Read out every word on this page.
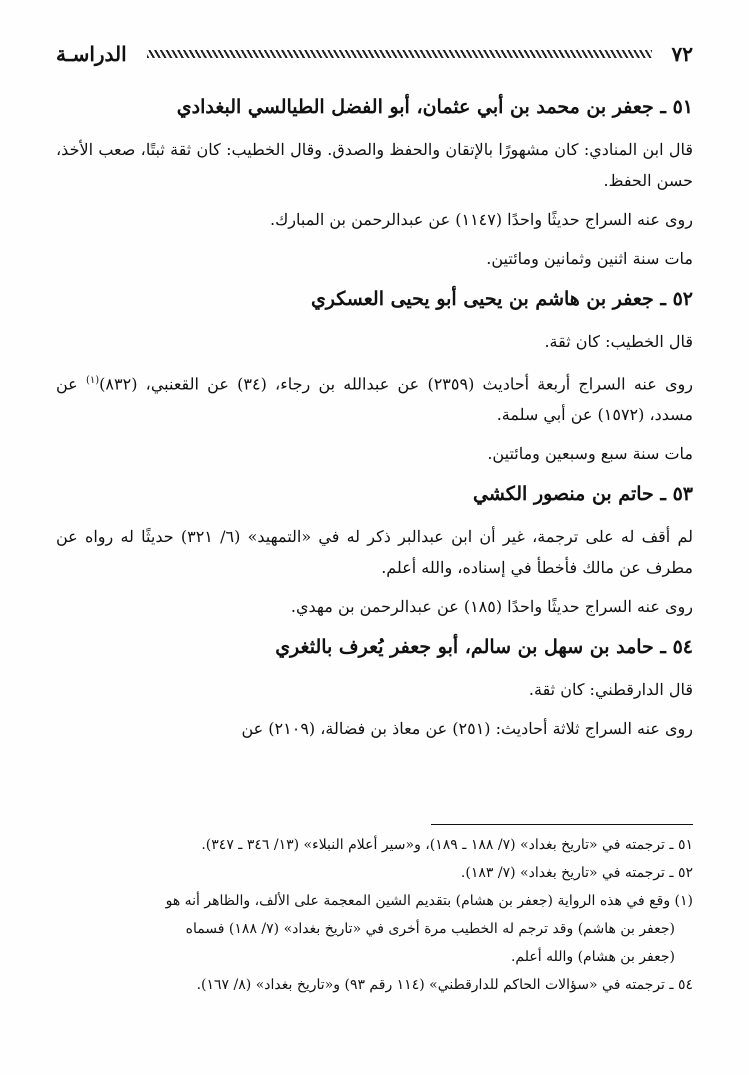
٧٢
الدراسـة
٥١ ـ جعفر بن محمد بن أبي عثمان، أبو الفضل الطيالسي البغدادي

قال ابن المنادي: كان مشهورًا بالإتقان والحفظ والصدق. وقال الخطيب: كان ثقة ثبتًا، صعب الأخذ، حسن الحفظ.

روى عنه السراج حديثًا واحدًا (١١٤٧) عن عبدالرحمن بن المبارك.

مات سنة اثنين وثمانين ومائتين.

٥٢ ـ جعفر بن هاشم بن يحيى أبو يحيى العسكري

قال الخطيب: كان ثقة.

روى عنه السراج أربعة أحاديث (٢٣٥٩) عن عبدالله بن رجاء، (٣٤) عن القعنبي، (٨٣٢)$^{(١)}$ عن مسدد، (١٥٧٢) عن أبي سلمة.

مات سنة سبع وسبعين ومائتين.

٥٣ ـ حاتم بن منصور الكشي

لم أقف له على ترجمة، غير أن ابن عبدالبر ذكر له في «التمهيد» (٦/ ٣٢١) حديثًا له رواه عن مطرف عن مالك فأخطأ في إسناده، والله أعلم.

روى عنه السراج حديثًا واحدًا (١٨٥) عن عبدالرحمن بن مهدي.

٥٤ ـ حامد بن سهل بن سالم، أبو جعفر يُعرف بالثغري

قال الدارقطني: كان ثقة.

روى عنه السراج ثلاثة أحاديث: (٢٥١) عن معاذ بن فضالة، (٢١٠٩) عن

٥١ ـ ترجمته في «تاريخ بغداد» (٧/ ١٨٨ ـ ١٨٩)، و«سير أعلام النبلاء» (١٣/ ٣٤٦ ـ ٣٤٧).

٥٢ ـ ترجمته في «تاريخ بغداد» (٧/ ١٨٣).

(١) وقع في هذه الرواية (جعفر بن هشام) بتقديم الشين المعجمة على الألف، والظاهر أنه هو
(جعفر بن هاشم) وقد ترجم له الخطيب مرة أخرى في «تاريخ بغداد» (٧/ ١٨٨) فسماه
(جعفر بن هشام) والله أعلم.

٥٤ ـ ترجمته في «سؤالات الحاكم للدارقطني» (١١٤ رقم ٩٣) و«تاريخ بغداد» (٨/ ١٦٧).
